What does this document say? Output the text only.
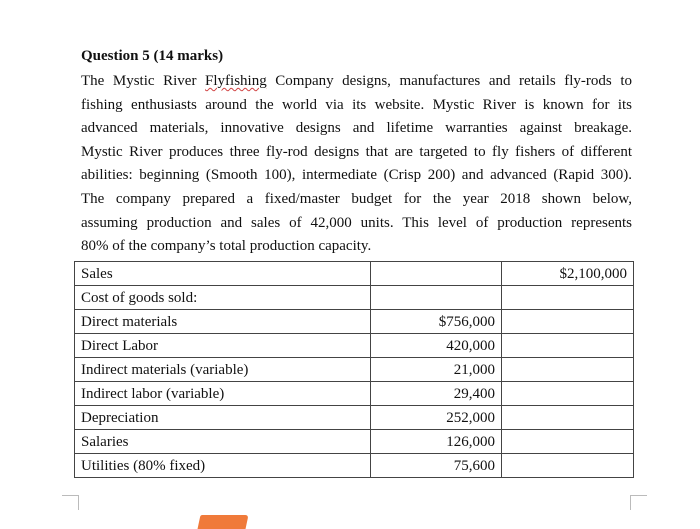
Question 5 (14 marks)
The Mystic River Flyfishing Company designs, manufactures and retails fly-rods to
fishing enthusiasts around the world via its website. Mystic River is known for its
advanced materials, innovative designs and lifetime warranties against breakage.
Mystic River produces three fly-rod designs that are targeted to fly fishers of different
abilities: beginning (Smooth 100), intermediate (Crisp 200) and advanced (Rapid 300).
The company prepared a fixed/master budget for the year 2018 shown below,
assuming production and sales of 42,000 units. This level of production represents
80% of the company’s total production capacity.
Sales		$2,100,000
Cost of goods sold:		
Direct materials	$756,000	
Direct Labor	420,000	
Indirect materials (variable)	21,000	
Indirect labor (variable)	29,400	
Depreciation	252,000	
Salaries	126,000	
Utilities (80% fixed)	75,600	
